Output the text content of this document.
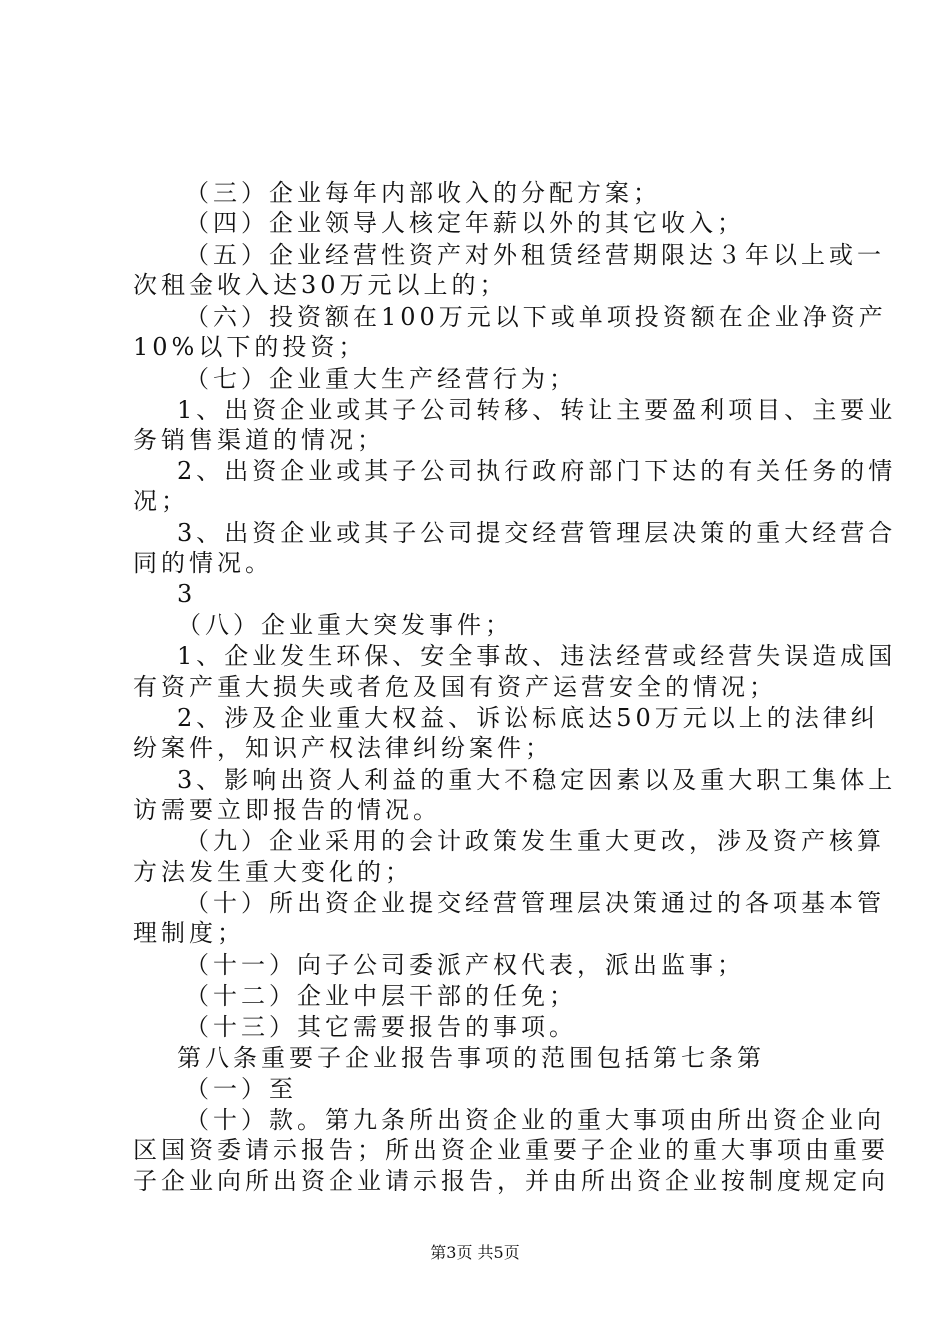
（三）企业每年内部收入的分配方案；
（四）企业领导人核定年薪以外的其它收入；
（五）企业经营性资产对外租赁经营期限达３年以上或一
次租金收入达30万元以上的；
（六）投资额在100万元以下或单项投资额在企业净资产
10%以下的投资；
（七）企业重大生产经营行为；
1、出资企业或其子公司转移、转让主要盈利项目、主要业
务销售渠道的情况；
2、出资企业或其子公司执行政府部门下达的有关任务的情
况；
3、出资企业或其子公司提交经营管理层决策的重大经营合
同的情况。
3
（八）企业重大突发事件；
1、企业发生环保、安全事故、违法经营或经营失误造成国
有资产重大损失或者危及国有资产运营安全的情况；
2、涉及企业重大权益、诉讼标底达50万元以上的法律纠
纷案件，知识产权法律纠纷案件；
3、影响出资人利益的重大不稳定因素以及重大职工集体上
访需要立即报告的情况。
（九）企业采用的会计政策发生重大更改，涉及资产核算
方法发生重大变化的；
（十）所出资企业提交经营管理层决策通过的各项基本管
理制度；
（十一）向子公司委派产权代表，派出监事；
（十二）企业中层干部的任免；
（十三）其它需要报告的事项。
第八条重要子企业报告事项的范围包括第七条第
（一）至
（十）款。第九条所出资企业的重大事项由所出资企业向
区国资委请示报告；所出资企业重要子企业的重大事项由重要
子企业向所出资企业请示报告，并由所出资企业按制度规定向
第3页 共5页
